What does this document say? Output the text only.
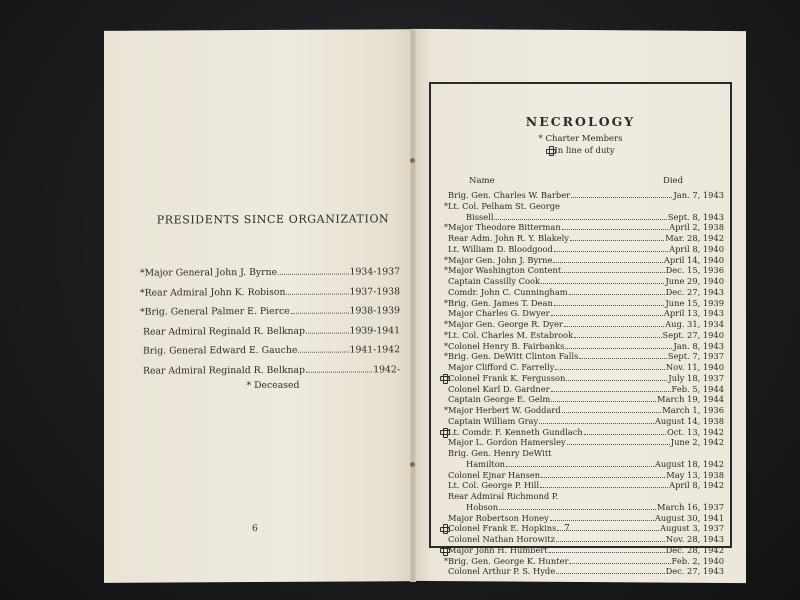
PRESIDENTS SINCE ORGANIZATION
*Major General John J. Byrne	1934-1937
*Rear Admiral John K. Robison	1937-1938
*Brig. General Palmer E. Pierce	1938-1939
Rear Admiral Reginald R. Belknap	1939-1941
Brig. General Edward E. Gauche	1941-1942
Rear Admiral Reginald R. Belknap	1942-
* Deceased
6
NECROLOGY
* Charter Members
In line of duty
Name	Died
Brig. Gen. Charles W. Barber	Jan. 7, 1943
* Lt. Col. Pelham St. George
Bissell	Sept. 8, 1943
* Major Theodore Bitterman	April 2, 1938
Rear Adm. John R. Y. Blakely	Mar. 28, 1942
Lt. William D. Bloodgood	April 8, 1940
* Major Gen. John J. Byrne	April 14, 1940
* Major Washington Content	Dec. 15, 1936
Captain Cassilly Cook	June 29, 1940
Comdr. John C. Cunningham	Dec. 27, 1943
* Brig. Gen. James T. Dean	June 15, 1939
Major Charles G. Dwyer	April 13, 1943
* Major Gen. George R. Dyer	Aug. 31, 1934
* Lt. Col. Charles M. Estabrook	Sept. 27, 1940
* Colonel Henry B. Fairbanks	Jan. 8, 1943
* Brig. Gen. DeWitt Clinton Falls	Sept. 7, 1937
Major Clifford C. Farrelly	Nov. 11, 1940
Colonel Frank K. Fergusson	July 18, 1937
Colonel Karl D. Gardner	Feb. 5, 1944
Captain George E. Gelm	March 19, 1944
* Major Herbert W. Goddard	March 1, 1936
Captain William Gray	August 14, 1938
Lt. Comdr. F. Kenneth Gundlach	Oct. 13, 1942
Major L. Gordon Hamersley	June 2, 1942
Brig. Gen. Henry DeWitt
Hamilton	August 18, 1942
Colonel Ejnar Hansen	May 13, 1938
Lt. Col. George P. Hill	April 8, 1942
Rear Admiral Richmond P.
Hobson	March 16, 1937
Major Robertson Honey	August 30, 1941
Colonel Frank E. Hopkins	August 3, 1937
Colonel Nathan Horowitz	Nov. 28, 1943
Major John H. Humbert	Dec. 28, 1942
* Brig. Gen. George K. Hunter	Feb. 2, 1940
Colonel Arthur P. S. Hyde	Dec. 27, 1943
7
